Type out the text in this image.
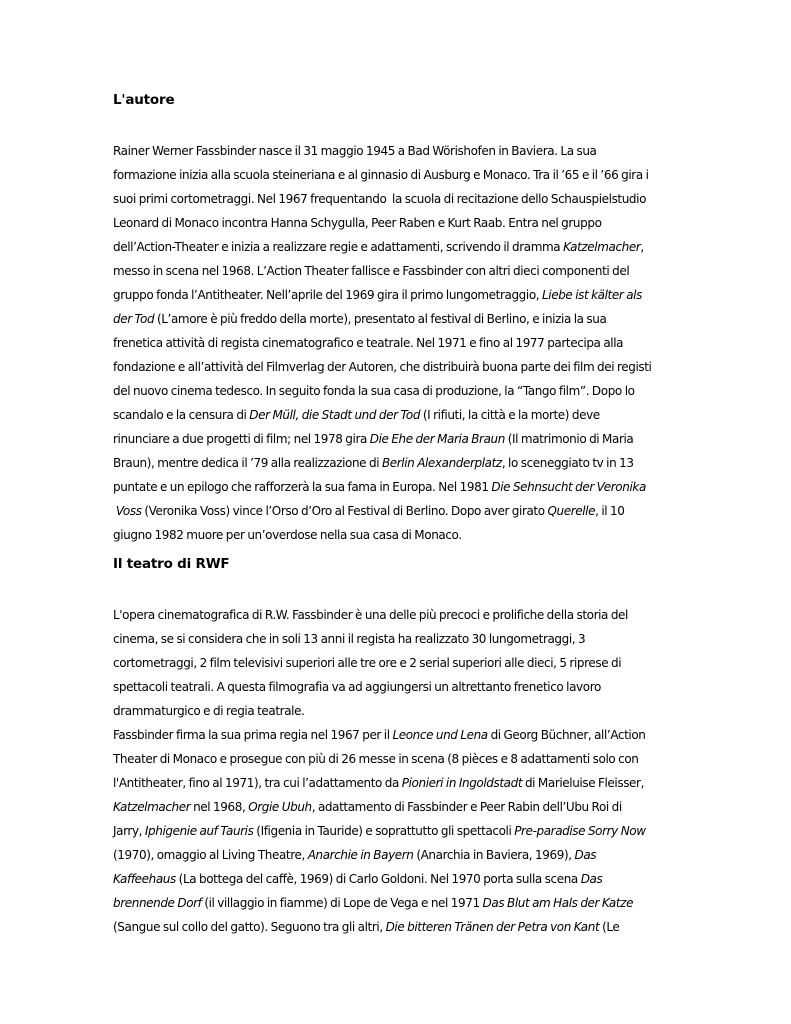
L'autore
Rainer Werner Fassbinder nasce il 31 maggio 1945 a Bad Wörishofen in Baviera. La sua
formazione inizia alla scuola steineriana e al ginnasio di Ausburg e Monaco. Tra il ’65 e il ’66 gira i
suoi primi cortometraggi. Nel 1967 frequentando  la scuola di recitazione dello Schauspielstudio
Leonard di Monaco incontra Hanna Schygulla, Peer Raben e Kurt Raab. Entra nel gruppo
dell’Action-Theater e inizia a realizzare regie e adattamenti, scrivendo il dramma Katzelmacher,
messo in scena nel 1968. L’Action Theater fallisce e Fassbinder con altri dieci componenti del
gruppo fonda l’Antitheater. Nell’aprile del 1969 gira il primo lungometraggio, Liebe ist kälter als
der Tod (L’amore è più freddo della morte), presentato al festival di Berlino, e inizia la sua
frenetica attività di regista cinematografico e teatrale. Nel 1971 e fino al 1977 partecipa alla
fondazione e all’attività del Filmverlag der Autoren, che distribuirà buona parte dei film dei registi
del nuovo cinema tedesco. In seguito fonda la sua casa di produzione, la “Tango film”. Dopo lo
scandalo e la censura di Der Müll, die Stadt und der Tod (I rifiuti, la città e la morte) deve
rinunciare a due progetti di film; nel 1978 gira Die Ehe der Maria Braun (Il matrimonio di Maria
Braun), mentre dedica il ’79 alla realizzazione di Berlin Alexanderplatz, lo sceneggiato tv in 13
puntate e un epilogo che rafforzerà la sua fama in Europa. Nel 1981 Die Sehnsucht der Veronika
Voss (Veronika Voss) vince l’Orso d’Oro al Festival di Berlino. Dopo aver girato Querelle, il 10
giugno 1982 muore per un’overdose nella sua casa di Monaco.
Il teatro di RWF
L'opera cinematografica di R.W. Fassbinder è una delle più precoci e prolifiche della storia del
cinema, se si considera che in soli 13 anni il regista ha realizzato 30 lungometraggi, 3
cortometraggi, 2 film televisivi superiori alle tre ore e 2 serial superiori alle dieci, 5 riprese di
spettacoli teatrali. A questa filmografia va ad aggiungersi un altrettanto frenetico lavoro
drammaturgico e di regia teatrale.
Fassbinder firma la sua prima regia nel 1967 per il Leonce und Lena di Georg Büchner, all’Action
Theater di Monaco e prosegue con più di 26 messe in scena (8 pièces e 8 adattamenti solo con
l'Antitheater, fino al 1971), tra cui l’adattamento da Pionieri in Ingoldstadt di Marieluise Fleisser,
Katzelmacher nel 1968, Orgie Ubuh, adattamento di Fassbinder e Peer Rabin dell’Ubu Roi di
Jarry, Iphigenie auf Tauris (Ifigenia in Tauride) e soprattutto gli spettacoli Pre-paradise Sorry Now
(1970), omaggio al Living Theatre, Anarchie in Bayern (Anarchia in Baviera, 1969), Das
Kaffeehaus (La bottega del caffè, 1969) di Carlo Goldoni. Nel 1970 porta sulla scena Das
brennende Dorf (il villaggio in fiamme) di Lope de Vega e nel 1971 Das Blut am Hals der Katze
(Sangue sul collo del gatto). Seguono tra gli altri, Die bitteren Tränen der Petra von Kant (Le
